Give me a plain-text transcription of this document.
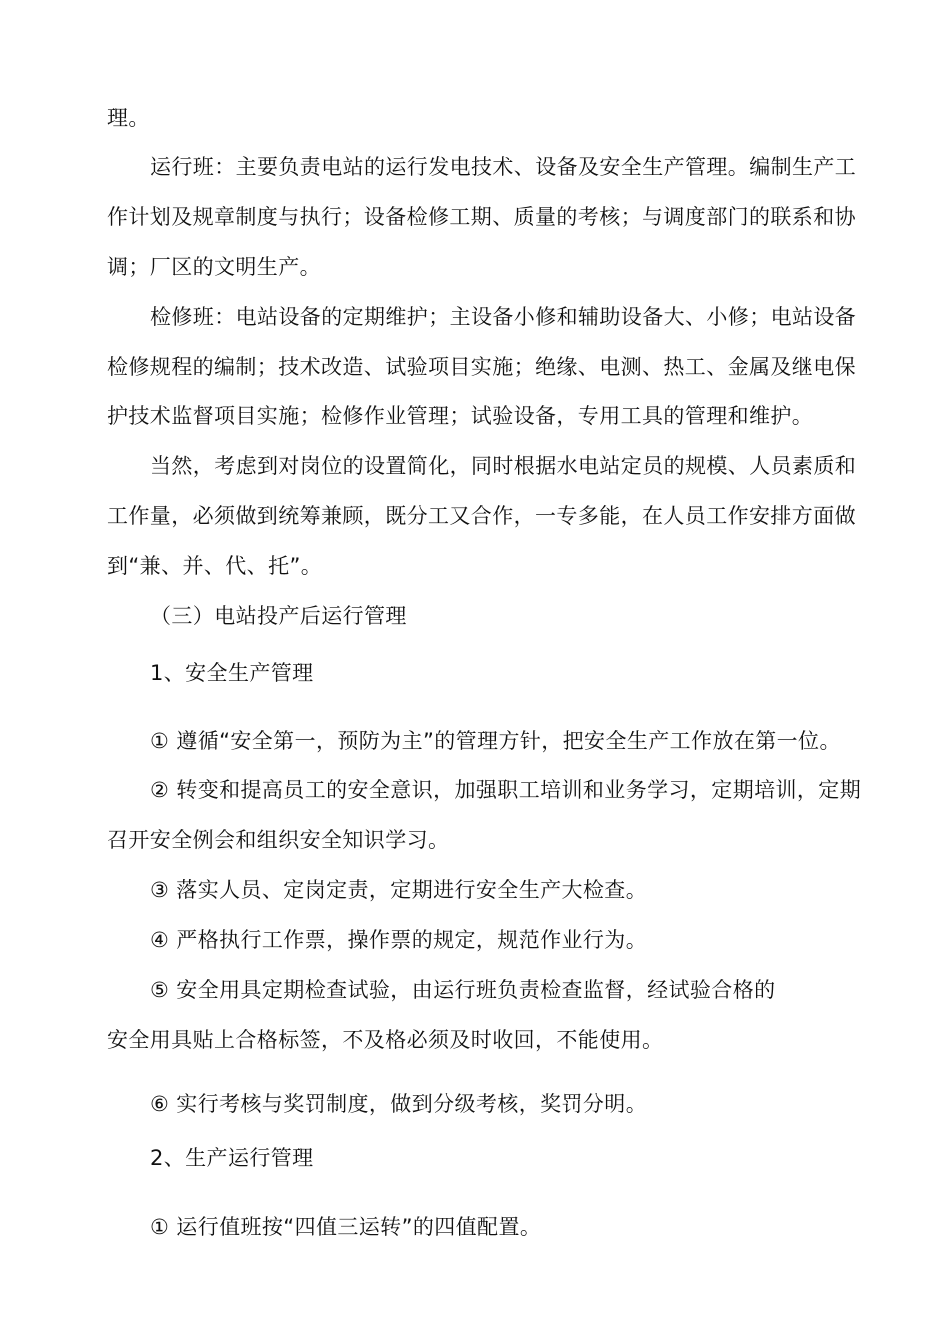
理。
运行班：主要负责电站的运行发电技术、设备及安全生产管理。编制生产工
作计划及规章制度与执行；设备检修工期、质量的考核；与调度部门的联系和协
调；厂区的文明生产。
检修班：电站设备的定期维护；主设备小修和辅助设备大、小修；电站设备
检修规程的编制；技术改造、试验项目实施；绝缘、电测、热工、金属及继电保
护技术监督项目实施；检修作业管理；试验设备，专用工具的管理和维护。
当然，考虑到对岗位的设置简化，同时根据水电站定员的规模、人员素质和
工作量，必须做到统筹兼顾，既分工又合作，一专多能，在人员工作安排方面做
到“兼、并、代、托”。
（三）电站投产后运行管理
1、安全生产管理
① 遵循“安全第一，预防为主”的管理方针，把安全生产工作放在第一位。
② 转变和提高员工的安全意识，加强职工培训和业务学习，定期培训，定期
召开安全例会和组织安全知识学习。
③ 落实人员、定岗定责，定期进行安全生产大检查。
④ 严格执行工作票，操作票的规定，规范作业行为。
⑤ 安全用具定期检查试验，由运行班负责检查监督，经试验合格的
安全用具贴上合格标签，不及格必须及时收回，不能使用。
⑥ 实行考核与奖罚制度，做到分级考核，奖罚分明。
2、生产运行管理
① 运行值班按“四值三运转”的四值配置。
